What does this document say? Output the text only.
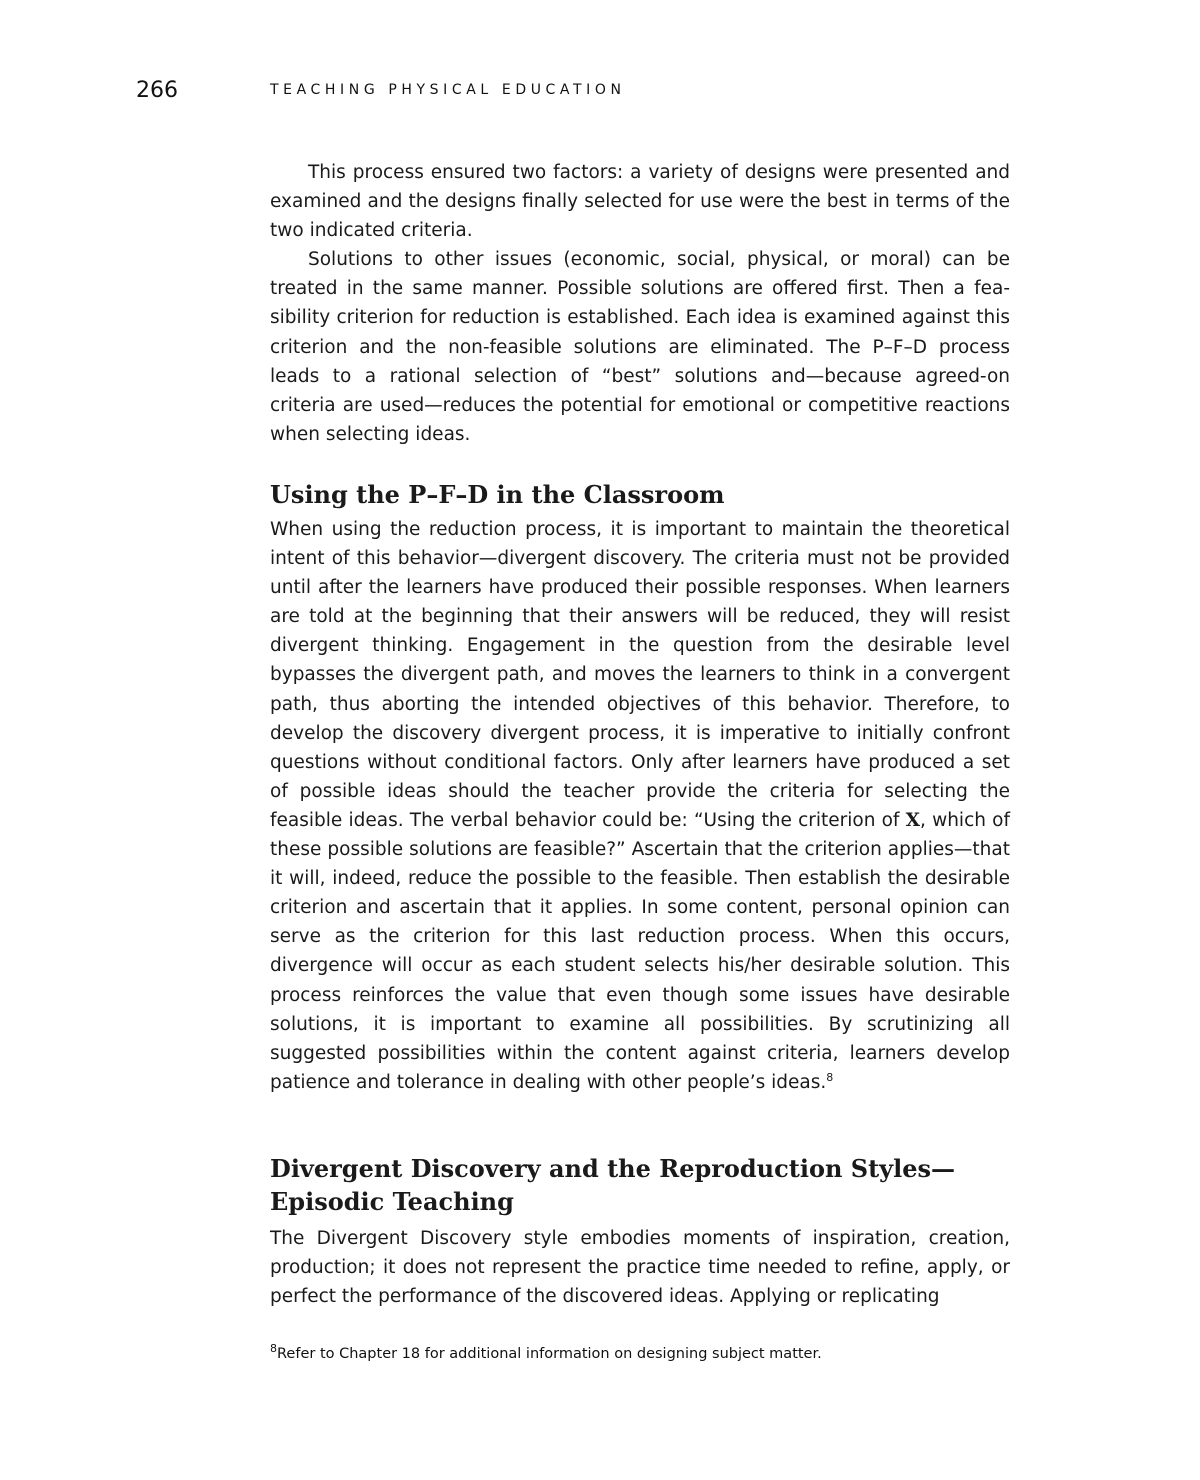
266	TEACHING PHYSICAL EDUCATION

This process ensured two factors: a variety of designs were presented and examined and the designs finally selected for use were the best in terms of the two indicated criteria.

Solutions to other issues (economic, social, physical, or moral) can be treated in the same manner. Possible solutions are offered first. Then a feasibility criterion for reduction is established. Each idea is examined against this criterion and the non-feasible solutions are eliminated. The P–F–D process leads to a rational selection of “best” solutions and—because agreed-on criteria are used—reduces the potential for emotional or competitive reactions when selecting ideas.

Using the P–F–D in the Classroom

When using the reduction process, it is important to maintain the theoretical intent of this behavior—divergent discovery. The criteria must not be provided until after the learners have produced their possible responses. When learners are told at the beginning that their answers will be reduced, they will resist divergent thinking. Engagement in the question from the desirable level bypasses the divergent path, and moves the learners to think in a convergent path, thus aborting the intended objectives of this behavior. Therefore, to develop the discovery divergent process, it is imperative to initially confront questions without conditional factors. Only after learners have produced a set of possible ideas should the teacher provide the criteria for selecting the feasible ideas. The verbal behavior could be: “Using the criterion of X, which of these possible solutions are feasible?” Ascertain that the criterion applies—that it will, indeed, reduce the possible to the feasible. Then establish the desirable criterion and ascertain that it applies. In some content, personal opinion can serve as the criterion for this last reduction process. When this occurs, divergence will occur as each student selects his/her desirable solution. This process reinforces the value that even though some issues have desirable solutions, it is important to examine all possibilities. By scrutinizing all suggested possibilities within the content against criteria, learners develop patience and tolerance in dealing with other people’s ideas.$^8$

Divergent Discovery and the Reproduction Styles—
Episodic Teaching

The Divergent Discovery style embodies moments of inspiration, creation, production; it does not represent the practice time needed to refine, apply, or perfect the performance of the discovered ideas. Applying or replicating

$^8$Refer to Chapter 18 for additional information on designing subject matter.
